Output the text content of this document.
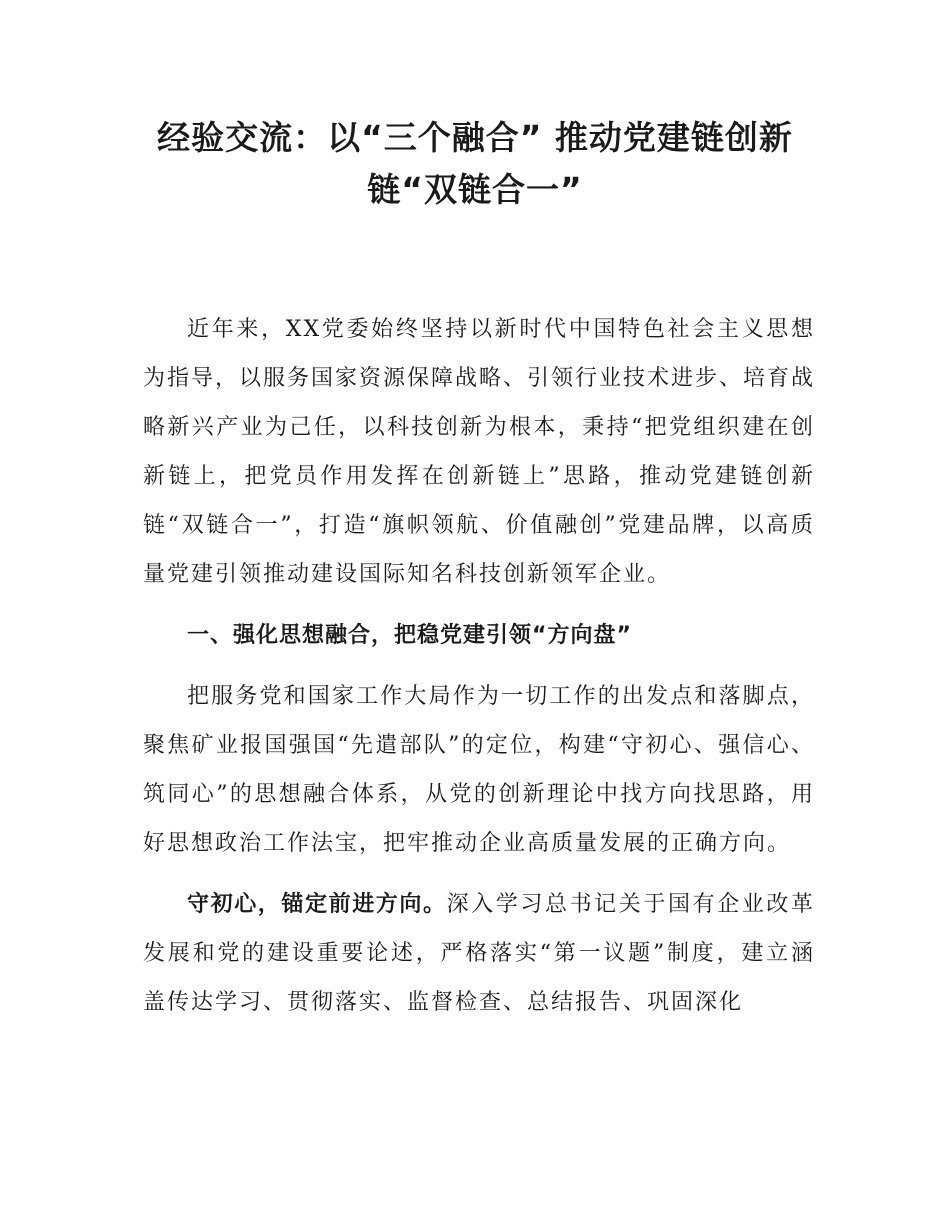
经验交流：以“三个融合” 推动党建链创新
链“双链合一”

近年来，XX党委始终坚持以新时代中国特色社会主义思想为指导，以服务国家资源保障战略、引领行业技术进步、培育战略新兴产业为己任，以科技创新为根本，秉持“把党组织建在创新链上，把党员作用发挥在创新链上”思路，推动党建链创新链“双链合一”，打造“旗帜领航、价值融创”党建品牌，以高质量党建引领推动建设国际知名科技创新领军企业。

一、强化思想融合，把稳党建引领“方向盘”

把服务党和国家工作大局作为一切工作的出发点和落脚点，聚焦矿业报国强国“先遣部队”的定位，构建“守初心、强信心、筑同心”的思想融合体系，从党的创新理论中找方向找思路，用好思想政治工作法宝，把牢推动企业高质量发展的正确方向。

守初心，锚定前进方向。深入学习总书记关于国有企业改革发展和党的建设重要论述，严格落实“第一议题”制度，建立涵盖传达学习、贯彻落实、监督检查、总结报告、巩固深化
